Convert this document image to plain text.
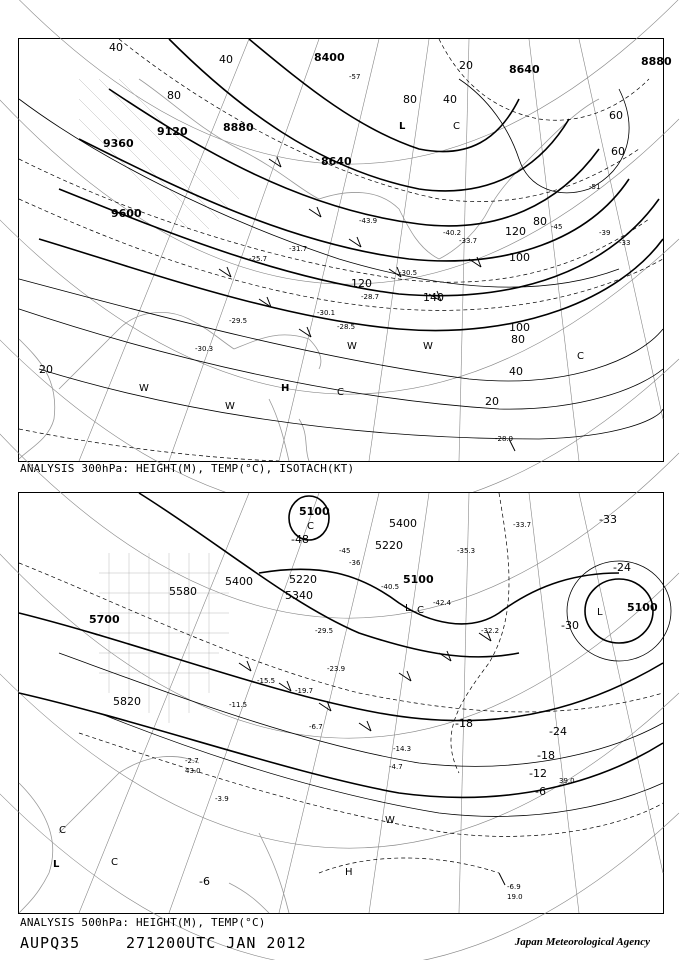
8400
8640
8880
9120	8880
8640
9360
9600
40
80
120
140
100
80
40
20
20
40
60
80
120
40
20
60
80
100
-57
-51
-45
-39
-33
-30.3
-29.5
-28.9
-31.7
-25.7
-30.5
-28.7
-40.2
-33.7
-43.9
-28.5
-30.1
L
H
W
W
W
C
C
W
C
ANALYSIS 300hPa: HEIGHT(M), TEMP(°C), ISOTACH(KT)
5100
5220
5340
5400
5580
5700
5820
5100
5220
5100
5400
-48
-45
-33
-30
-24
-18
-12
-6
-24
-18
-6
-36
-35.3
-33.7
-29.5
-23.9
-19.7
-15.5
-11.5
-6.7
-4.7
-3.9
-2.7
-6.9
19.0
-14.3
39.0
43.0
-32.2
-40.5
-42.4
L
C
L
H
L
C
C
C
W
ANALYSIS 500hPa: HEIGHT(M), TEMP(°C)
AUPQ35	271200UTC JAN 2012	Japan Meteorological Agency
